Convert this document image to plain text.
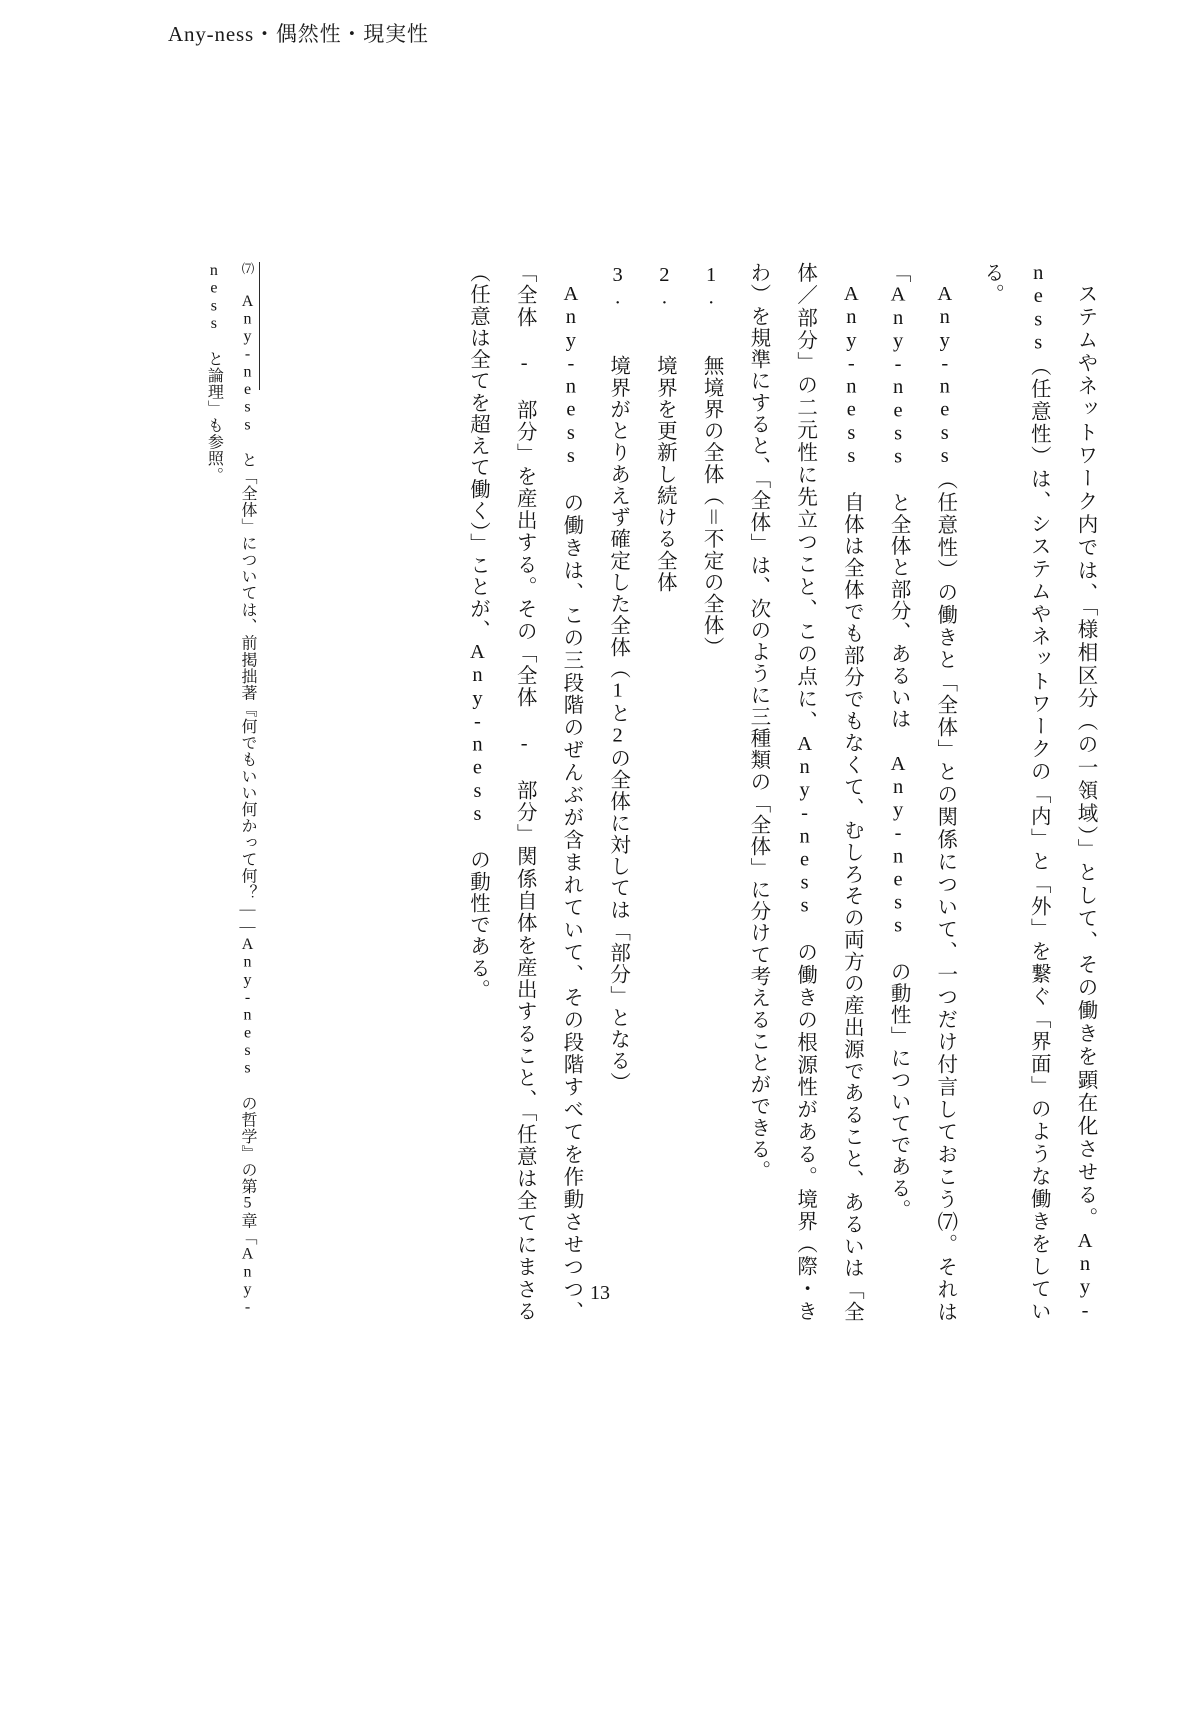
Any-ness・偶然性・現実性

ステムやネットワーク内では、「様相区分（の一領域）」として、その働きを顕在化させる。Any-ness（任意性）は、システムやネットワークの「内」と「外」を繋ぐ「界面」のような働きをしている。

Any-ness（任意性）の働きと「全体」との関係について、一つだけ付言しておこう⑺。それは「Any-ness と全体と部分、あるいは Any-ness の動性」についてである。

Any-ness 自体は全体でも部分でもなくて、むしろその両方の産出源であること、あるいは「全体／部分」の二元性に先立つこと、この点に、Any-ness の働きの根源性がある。境界（際・きわ）を規準にすると、「全体」は、次のように三種類の「全体」に分けて考えることができる。

1.  無境界の全体（＝不定の全体）
2.  境界を更新し続ける全体
3.  境界がとりあえず確定した全体（1と2の全体に対しては「部分」となる）

Any-ness の働きは、この三段階のぜんぶが含まれていて、その段階すべてを作動させつつ、「全体 - 部分」を産出する。その「全体 - 部分」関係自体を産出すること、「任意は全てにまさる（任意は全てを超えて働く）」ことが、Any-ness の動性である。

⑺ Any-ness と「全体」については、前掲拙著『何でもいい何かって何？——Any-ness の哲学』の第5章「Any-ness と論理」も参照。

13
